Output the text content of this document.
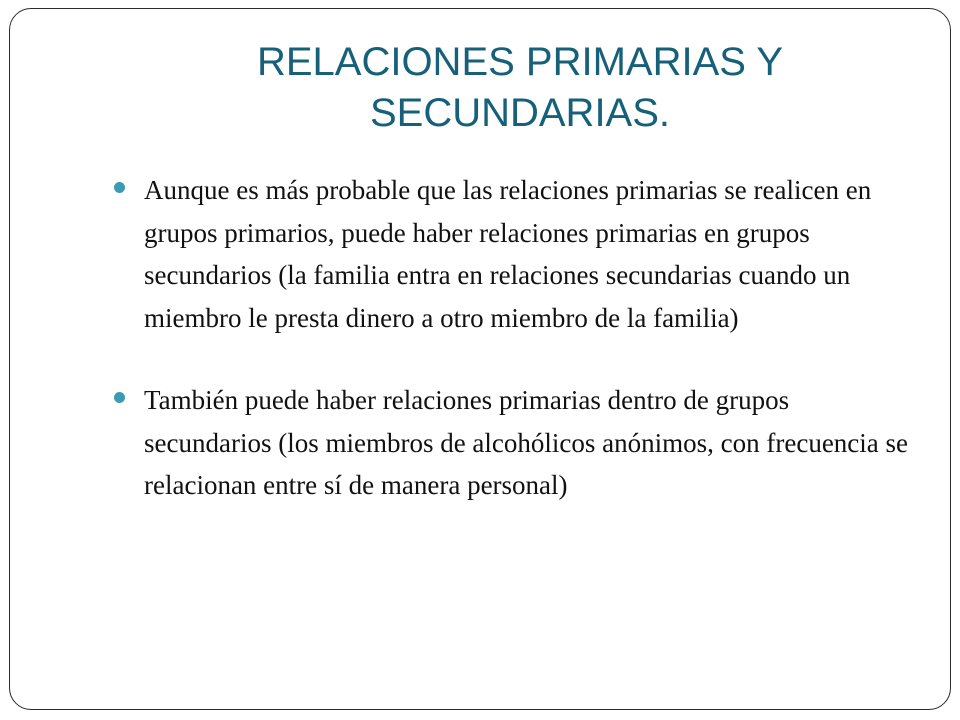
RELACIONES PRIMARIAS Y SECUNDARIAS.
Aunque es más probable que las relaciones primarias se realicen en grupos primarios, puede haber relaciones primarias en grupos secundarios (la familia entra en relaciones secundarias cuando un miembro le presta dinero a otro miembro de la familia)
También puede haber relaciones primarias dentro de grupos secundarios (los miembros de alcohólicos anónimos, con frecuencia se relacionan entre sí de manera personal)
